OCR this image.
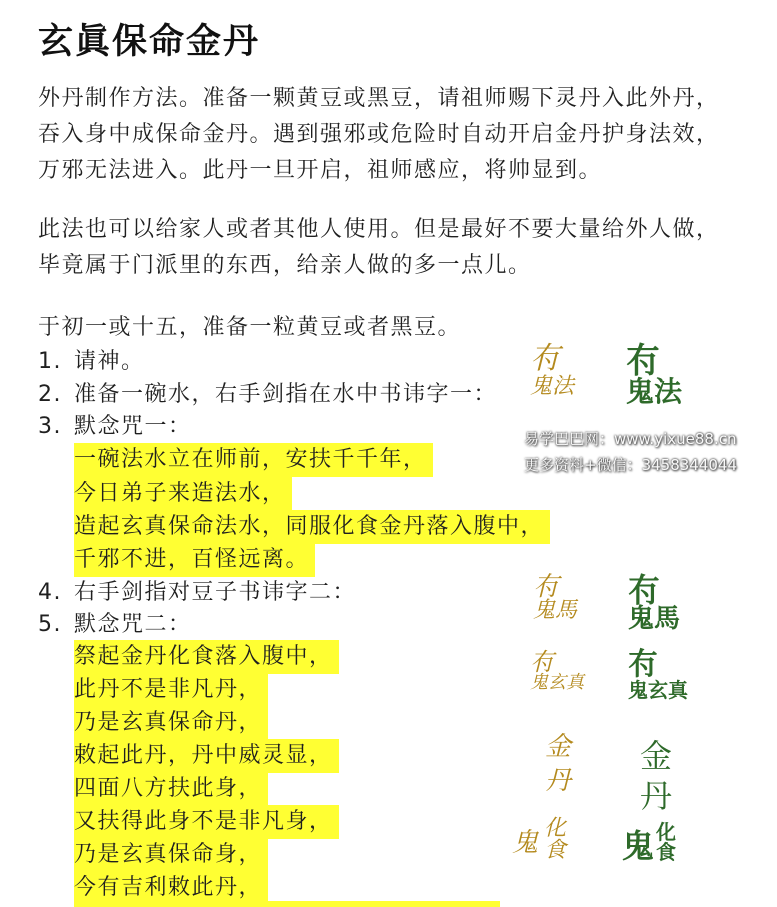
玄眞保命金丹
外丹制作方法。准备一颗黄豆或黑豆，请祖师赐下灵丹入此外丹，
吞入身中成保命金丹。遇到强邪或危险时自动开启金丹护身法效，
万邪无法进入。此丹一旦开启，祖师感应，将帅显到。
此法也可以给家人或者其他人使用。但是最好不要大量给外人做，
毕竟属于门派里的东西，给亲人做的多一点儿。
于初一或十五，准备一粒黄豆或者黑豆。
1. 请神。
2. 准备一碗水，右手剑指在水中书讳字一：
3. 默念咒一：
一碗法水立在师前，安扶千千年，
今日弟子来造法水，
造起玄真保命法水，同服化食金丹落入腹中，
千邪不进，百怪远离。
4. 右手剑指对豆子书讳字二：
5. 默念咒二：
祭起金丹化食落入腹中，
此丹不是非凡丹，
乃是玄真保命丹，
敕起此丹，丹中威灵显，
四面八方扶此身，
又扶得此身不是非凡身，
乃是玄真保命身，
今有吉利敕此丹，
𠕇
鬼法
𠕇
鬼法
易学巴巴网：www.yixue88.cn
更多资料+微信：3458344044
𠕇
鬼馬
𠕇
鬼馬
𠕇
鬼玄真
𠕇
鬼玄真
金
丹
金
丹
鬼 化
食 鬼 化
食
